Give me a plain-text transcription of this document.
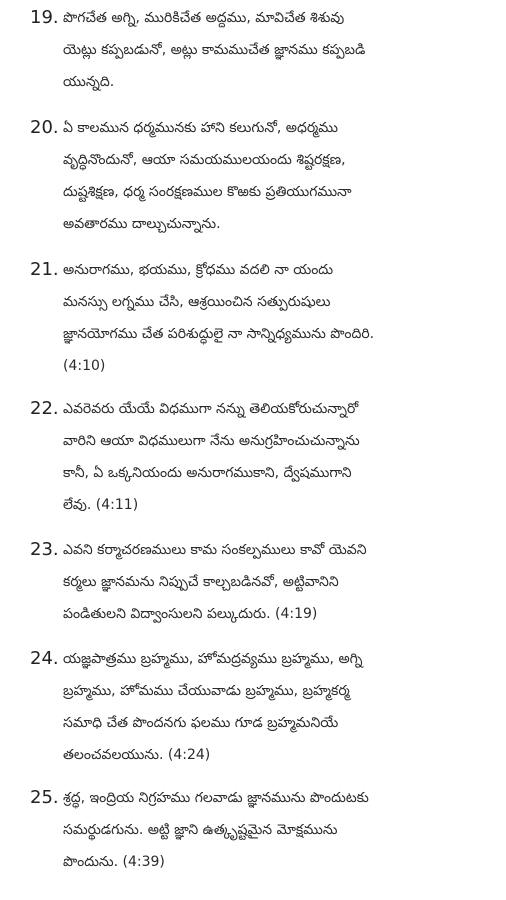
19. పొగచేత అగ్ని, మురికిచేత అద్దము, మావిచేత శిశువు
యెట్లు కప్పబడునో, అట్లు కామముచేత జ్ఞానము కప్పబడి
యున్నది.
20. ఏ కాలమున ధర్మమునకు హాని కలుగునో, అధర్మము
వృద్ధినొందునో, ఆయా సమయములయందు శిష్టరక్షణ,
దుష్టశిక్షణ, ధర్మ సంరక్షణముల కొఱకు ప్రతియుగమునా
అవతారము దాల్చుచున్నాను.
21. అనురాగము, భయము, క్రోధము వదలి నా యందు
మనస్సు లగ్నము చేసి, ఆశ్రయించిన సత్పురుషులు
జ్ఞానయోగము చేత పరిశుద్ధులై నా సాన్నిధ్యమును పొందిరి.
(4:10)
22. ఎవరెవరు యేయే విధముగా నన్ను తెలియకోరుచున్నారో
వారిని ఆయా విధములుగా నేను అనుగ్రహించుచున్నాను
కానీ, ఏ ఒక్కనియందు అనురాగముకాని, ద్వేషముగాని
లేవు. (4:11)
23. ఎవని కర్మాచరణములు కామ సంకల్పములు కావో యెవని
కర్మలు జ్ఞానమను నిప్పుచే కాల్చబడినవో, అట్టివానిని
పండితులని విద్వాంసులని పల్కుదురు. (4:19)
24. యజ్ఞపాత్రము బ్రహ్మము, హోమద్రవ్యము బ్రహ్మము, అగ్ని
బ్రహ్మము, హోమము చేయువాడు బ్రహ్మము, బ్రహ్మకర్మ
సమాధి చేత పొందనగు ఫలము గూడ బ్రహ్మమనియే
తలంచవలయును. (4:24)
25. శ్రద్ధ, ఇంద్రియ నిగ్రహము గలవాడు జ్ఞానమును పొందుటకు
సమర్థుడగును. అట్టి జ్ఞాని ఉత్కృష్టమైన మోక్షమును
పొందును. (4:39)
